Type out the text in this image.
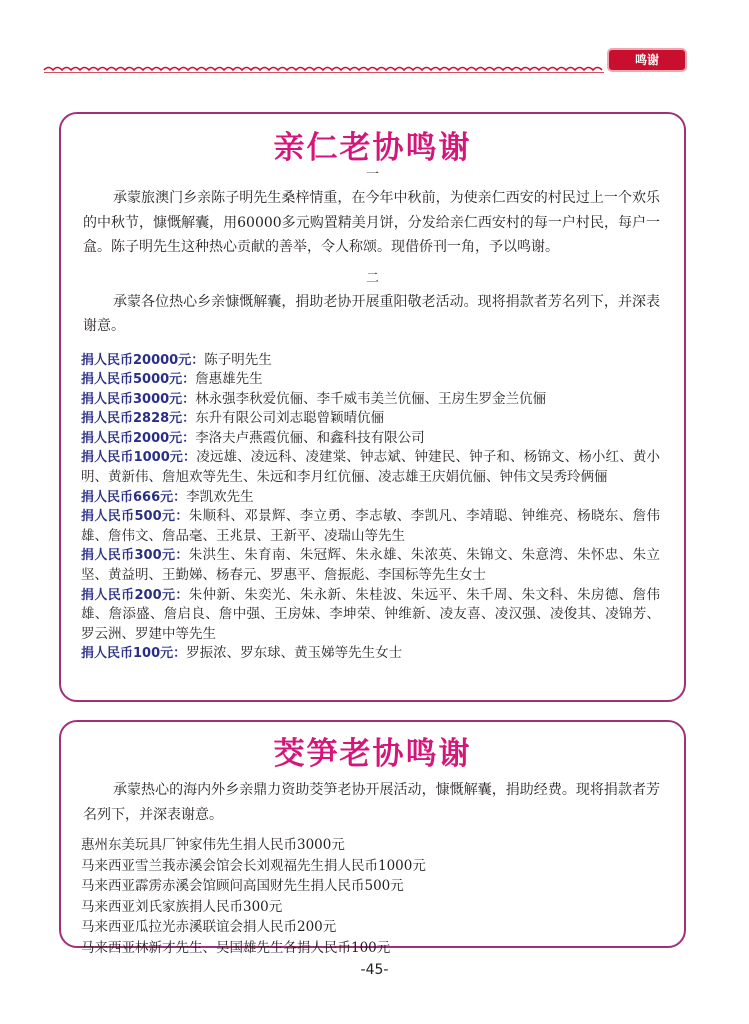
鸣谢
亲仁老协鸣谢
一

承蒙旅澳门乡亲陈子明先生桑梓情重，在今年中秋前，为使亲仁西安的村民过上一个欢乐的中秋节，慷慨解囊，用60000多元购置精美月饼，分发给亲仁西安村的每一户村民，每户一盒。陈子明先生这种热心贡献的善举，令人称颂。现借侨刊一角，予以鸣谢。

二

承蒙各位热心乡亲慷慨解囊，捐助老协开展重阳敬老活动。现将捐款者芳名列下，并深表谢意。

捐人民币20000元：陈子明先生
捐人民币5000元：詹惠雄先生
捐人民币3000元：林永强李秋爱伉俪、李千威韦美兰伉俪、王房生罗金兰伉俪
捐人民币2828元：东升有限公司刘志聪曾颖晴伉俪
捐人民币2000元：李洛夫卢燕霞伉俪、和鑫科技有限公司
捐人民币1000元：凌远雄、凌远科、凌建棠、钟志斌、钟建民、钟子和、杨锦文、杨小红、黄小明、黄新伟、詹旭欢等先生、朱远和李月红伉俪、凌志雄王庆娟伉俪、钟伟文吴秀玲俩俪
捐人民币666元：李凯欢先生
捐人民币500元：朱顺科、邓景辉、李立勇、李志敏、李凯凡、李靖聪、钟维亮、杨晓东、詹伟雄、詹伟文、詹品毫、王兆景、王新平、凌瑞山等先生
捐人民币300元：朱洪生、朱育南、朱冠辉、朱永雄、朱浓英、朱锦文、朱意湾、朱怀忠、朱立坚、黄益明、王勤娣、杨春元、罗惠平、詹振彪、李国标等先生女士
捐人民币200元：朱仲新、朱奕光、朱永新、朱桂波、朱远平、朱千周、朱文科、朱房德、詹伟雄、詹添盛、詹启良、詹中强、王房妹、李坤荣、钟维新、凌友喜、凌汉强、凌俊其、凌锦芳、罗云洲、罗建中等先生
捐人民币100元：罗振浓、罗东球、黄玉娣等先生女士
茭笋老协鸣谢

承蒙热心的海内外乡亲鼎力资助茭笋老协开展活动，慷慨解囊，捐助经费。现将捐款者芳名列下，并深表谢意。

惠州东美玩具厂钟家伟先生捐人民币3000元
马来西亚雪兰莪赤溪会馆会长刘观福先生捐人民币1000元
马来西亚霹雳赤溪会馆顾问高国财先生捐人民币500元
马来西亚刘氏家族捐人民币300元
马来西亚瓜拉光赤溪联谊会捐人民币200元
马来西亚林新才先生、吴国雄先生各捐人民币100元
-45-
